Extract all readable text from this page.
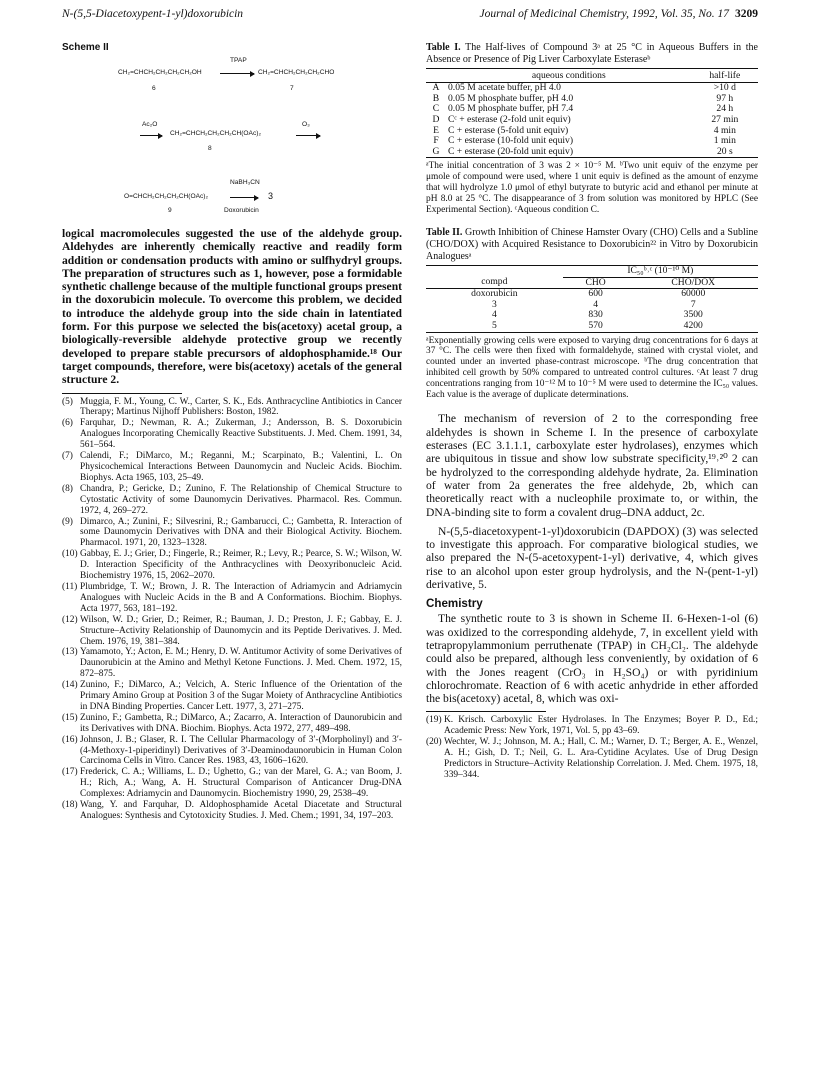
N-(5,5-Diacetoxypent-1-yl)doxorubicin	Journal of Medicinal Chemistry, 1992, Vol. 35, No. 17 3209
Scheme II
TPAP
CH₂=CHCH₂CH₂CH₂CH₂OH	CH₂=CHCH₂CH₂CH₂CHO
6	7
Ac₂O
CH₂=CHCH₂CH₂CH₂CH(OAc)₂
O₃
8
NaBH₃CN
O=CHCH₂CH₂CH₂CH(OAc)₂	3
9	Doxorubicin

logical macromolecules suggested the use of the aldehyde group. Aldehydes are inherently chemically reactive and readily form addition or condensation products with amino or sulfhydryl groups. The preparation of structures such as 1, however, pose a formidable synthetic challenge because of the multiple functional groups present in the doxorubicin molecule. To overcome this problem, we decided to introduce the aldehyde group into the side chain in latentiated form. For this purpose we selected the bis(acetoxy) acetal group, a biologically-reversible aldehyde protective group we recently developed to prepare stable precursors of aldophosphamide.¹⁸ Our target compounds, therefore, were bis(acetoxy) acetals of the general structure 2.

(5) Muggia, F. M., Young, C. W., Carter, S. K., Eds. Anthracycline Antibiotics in Cancer Therapy; Martinus Nijhoff Publishers: Boston, 1982.
(6) Farquhar, D.; Newman, R. A.; Zukerman, J.; Andersson, B. S. Doxorubicin Analogues Incorporating Chemically Reactive Substituents. J. Med. Chem. 1991, 34, 561–564.
(7) Calendi, F.; DiMarco, M.; Reganni, M.; Scarpinato, B.; Valentini, L. On Physicochemical Interactions Between Daunomycin and Nucleic Acids. Biochim. Biophys. Acta 1965, 103, 25–49.
(8) Chandra, P.; Gericke, D.; Zunino, F. The Relationship of Chemical Structure to Cytostatic Activity of some Daunomycin Derivatives. Pharmacol. Res. Commun. 1972, 4, 269–272.
(9) Dimarco, A.; Zunini, F.; Silvesrini, R.; Gambarucci, C.; Gambetta, R. Interaction of some Daunomycin Derivatives with DNA and their Biological Activity. Biochem. Pharmacol. 1971, 20, 1323–1328.
(10) Gabbay, E. J.; Grier, D.; Fingerle, R.; Reimer, R.; Levy, R.; Pearce, S. W.; Wilson, W. D. Interaction Specificity of the Anthracyclines with Deoxyribonucleic Acid. Biochemistry 1976, 15, 2062–2070.
(11) Plumbridge, T. W.; Brown, J. R. The Interaction of Adriamycin and Adriamycin Analogues with Nucleic Acids in the B and A Conformations. Biochim. Biophys. Acta 1977, 563, 181–192.
(12) Wilson, W. D.; Grier, D.; Reimer, R.; Bauman, J. D.; Preston, J. F.; Gabbay, E. J. Structure–Activity Relationship of Daunomycin and its Peptide Derivatives. J. Med. Chem. 1976, 19, 381–384.
(13) Yamamoto, Y.; Acton, E. M.; Henry, D. W. Antitumor Activity of some Derivatives of Daunorubicin at the Amino and Methyl Ketone Functions. J. Med. Chem. 1972, 15, 872–875.
(14) Zunino, F.; DiMarco, A.; Velcich, A. Steric Influence of the Orientation of the Primary Amino Group at Position 3 of the Sugar Moiety of Anthracycline Antibiotics in DNA Binding Properties. Cancer Lett. 1977, 3, 271–275.
(15) Zunino, F.; Gambetta, R.; DiMarco, A.; Zacarro, A. Interaction of Daunorubicin and its Derivatives with DNA. Biochim. Biophys. Acta 1972, 277, 489–498.
(16) Johnson, J. B.; Glaser, R. I. The Cellular Pharmacology of 3′-(Morpholinyl) and 3′-(4-Methoxy-1-piperidinyl) Derivatives of 3′-Deaminodaunorubicin in Human Colon Carcinoma Cells in Vitro. Cancer Res. 1983, 43, 1606–1620.
(17) Frederick, C. A.; Williams, L. D.; Ughetto, G.; van der Marel, G. A.; van Boom, J. H.; Rich, A.; Wang, A. H. Structural Comparison of Anticancer Drug-DNA Complexes: Adriamycin and Daunomycin. Biochemistry 1990, 29, 2538–49.
(18) Wang, Y. and Farquhar, D. Aldophosphamide Acetal Diacetate and Structural Analogues: Synthesis and Cytotoxicity Studies. J. Med. Chem.; 1991, 34, 197–203.

Table I. The Half-lives of Compound 3ᵃ at 25 °C in Aqueous Buffers in the Absence or Presence of Pig Liver Carboxylate Esteraseᵇ

	aqueous conditions	half-life
A	0.05 M acetate buffer, pH 4.0	>10 d
B	0.05 M phosphate buffer, pH 4.0	97 h
C	0.05 M phosphate buffer, pH 7.4	24 h
D	Cᶜ + esterase (2-fold unit equiv)	27 min
E	C + esterase (5-fold unit equiv)	4 min
F	C + esterase (10-fold unit equiv)	1 min
G	C + esterase (20-fold unit equiv)	20 s

ᵃThe initial concentration of 3 was 2 × 10⁻⁵ M. ᵇTwo unit equiv of the enzyme per μmole of compound were used, where 1 unit equiv is defined as the amount of enzyme that will hydrolyze 1.0 μmol of ethyl butyrate to butyric acid and ethanol per minute at pH 8.0 at 25 °C. The disappearance of 3 from solution was monitored by HPLC (See Experimental Section). ᶜAqueous condition C.

Table II. Growth Inhibition of Chinese Hamster Ovary (CHO) Cells and a Subline (CHO/DOX) with Acquired Resistance to Doxorubicin²² in Vitro by Doxorubicin Analoguesᵃ

	IC₅₀ᵇ˒ᶜ (10⁻¹⁰ M)	
compd	CHO	CHO/DOX
doxorubicin	600	60000
3	4	7
4	830	3500
5	570	4200

ᵃExponentially growing cells were exposed to varying drug concentrations for 6 days at 37 °C. The cells were then fixed with formaldehyde, stained with crystal violet, and counted under an inverted phase-contrast microscope. ᵇThe drug concentration that inhibited cell growth by 50% compared to untreated control cultures. ᶜAt least 7 drug concentrations ranging from 10⁻¹² M to 10⁻⁵ M were used to determine the IC₅₀ values. Each value is the average of duplicate determinations.

The mechanism of reversion of 2 to the corresponding free aldehydes is shown in Scheme I. In the presence of carboxylate esterases (EC 3.1.1.1, carboxylate ester hydrolases), enzymes which are ubiquitous in tissue and show low substrate specificity,¹⁹˒²⁰ 2 can be hydrolyzed to the corresponding aldehyde hydrate, 2a. Elimination of water from 2a generates the free aldehyde, 2b, which can theoretically react with a nucleophile proximate to, or within, the DNA-binding site to form a covalent drug–DNA adduct, 2c.

N-(5,5-diacetoxypent-1-yl)doxorubicin (DAPDOX) (3) was selected to investigate this approach. For comparative biological studies, we also prepared the N-(5-acetoxypent-1-yl) derivative, 4, which gives rise to an alcohol upon ester group hydrolysis, and the N-(pent-1-yl) derivative, 5.

Chemistry

The synthetic route to 3 is shown in Scheme II. 6-Hexen-1-ol (6) was oxidized to the corresponding aldehyde, 7, in excellent yield with tetrapropylammonium perruthenate (TPAP) in CH₂Cl₂. The aldehyde could also be prepared, although less conveniently, by oxidation of 6 with the Jones reagent (CrO₃ in H₂SO₄) or with pyridinium chlorochromate. Reaction of 6 with acetic anhydride in ether afforded the bis(acetoxy) acetal, 8, which was oxi-

(19) K. Krisch. Carboxylic Ester Hydrolases. In The Enzymes; Boyer P. D., Ed.; Academic Press: New York, 1971, Vol. 5, pp 43–69.
(20) Wechter, W. J.; Johnson, M. A.; Hall, C. M.; Warner, D. T.; Berger, A. E., Wenzel, A. H.; Gish, D. T.; Neil, G. L. Ara-Cytidine Acylates. Use of Drug Design Predictors in Structure–Activity Relationship Correlation. J. Med. Chem. 1975, 18, 339–344.
